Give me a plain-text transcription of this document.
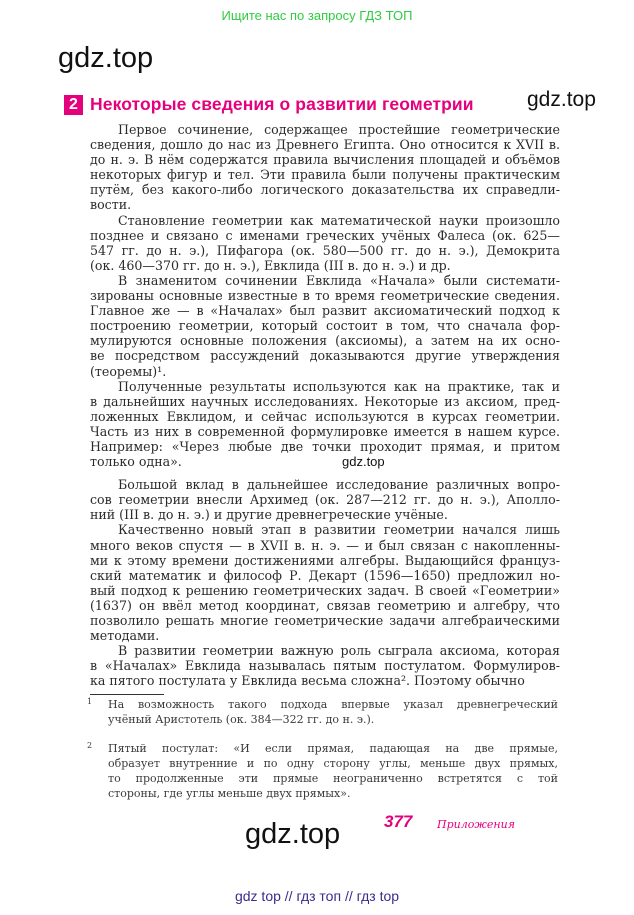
Ищите нас по запросу ГДЗ ТОП
gdz.top
gdz.top
gdz.top
gdz.top
2 Некоторые сведения о развитии геометрии
Первое сочинение, содержащее простейшие геометрические
сведения, дошло до нас из Древнего Египта. Оно относится к XVII в.
до н. э. В нём содержатся правила вычисления площадей и объёмов
некоторых фигур и тел. Эти правила были получены практическим
путём, без какого-либо логического доказательства их справедли-
вости.
Становление геометрии как математической науки произошло
позднее и связано с именами греческих учёных Фалеса (ок. 625—
547 гг. до н. э.), Пифагора (ок. 580—500 гг. до н. э.), Демокрита
(ок. 460—370 гг. до н. э.), Евклида (III в. до н. э.) и др.
В знаменитом сочинении Евклида «Начала» были системати-
зированы основные известные в то время геометрические сведения.
Главное же — в «Началах» был развит аксиоматический подход к
построению геометрии, который состоит в том, что сначала фор-
мулируются основные положения (аксиомы), а затем на их осно-
ве посредством рассуждений доказываются другие утверждения
(теоремы)¹.
Полученные результаты используются как на практике, так и
в дальнейших научных исследованиях. Некоторые из аксиом, пред-
ложенных Евклидом, и сейчас используются в курсах геометрии.
Часть из них в современной формулировке имеется в нашем курсе.
Например: «Через любые две точки проходит прямая, и притом
только одна».
Большой вклад в дальнейшее исследование различных вопро-
сов геометрии внесли Архимед (ок. 287—212 гг. до н. э.), Аполло-
ний (III в. до н. э.) и другие древнегреческие учёные.
Качественно новый этап в развитии геометрии начался лишь
много веков спустя — в XVII в. н. э. — и был связан с накопленны-
ми к этому времени достижениями алгебры. Выдающийся француз-
ский математик и философ Р. Декарт (1596—1650) предложил но-
вый подход к решению геометрических задач. В своей «Геометрии»
(1637) он ввёл метод координат, связав геометрию и алгебру, что
позволило решать многие геометрические задачи алгебраическими
методами.
В развитии геометрии важную роль сыграла аксиома, которая
в «Началах» Евклида называлась пятым постулатом. Формулиров-
ка пятого постулата у Евклида весьма сложна². Поэтому обычно
1 На возможность такого подхода впервые указал древнегреческий
учёный Аристотель (ок. 384—322 гг. до н. э.).
2 Пятый постулат: «И если прямая, падающая на две прямые,
образует внутренние и по одну сторону углы, меньше двух прямых,
то продолженные эти прямые неограниченно встретятся с той
стороны, где углы меньше двух прямых».
377 Приложения
gdz top // гдз топ // гдз top
